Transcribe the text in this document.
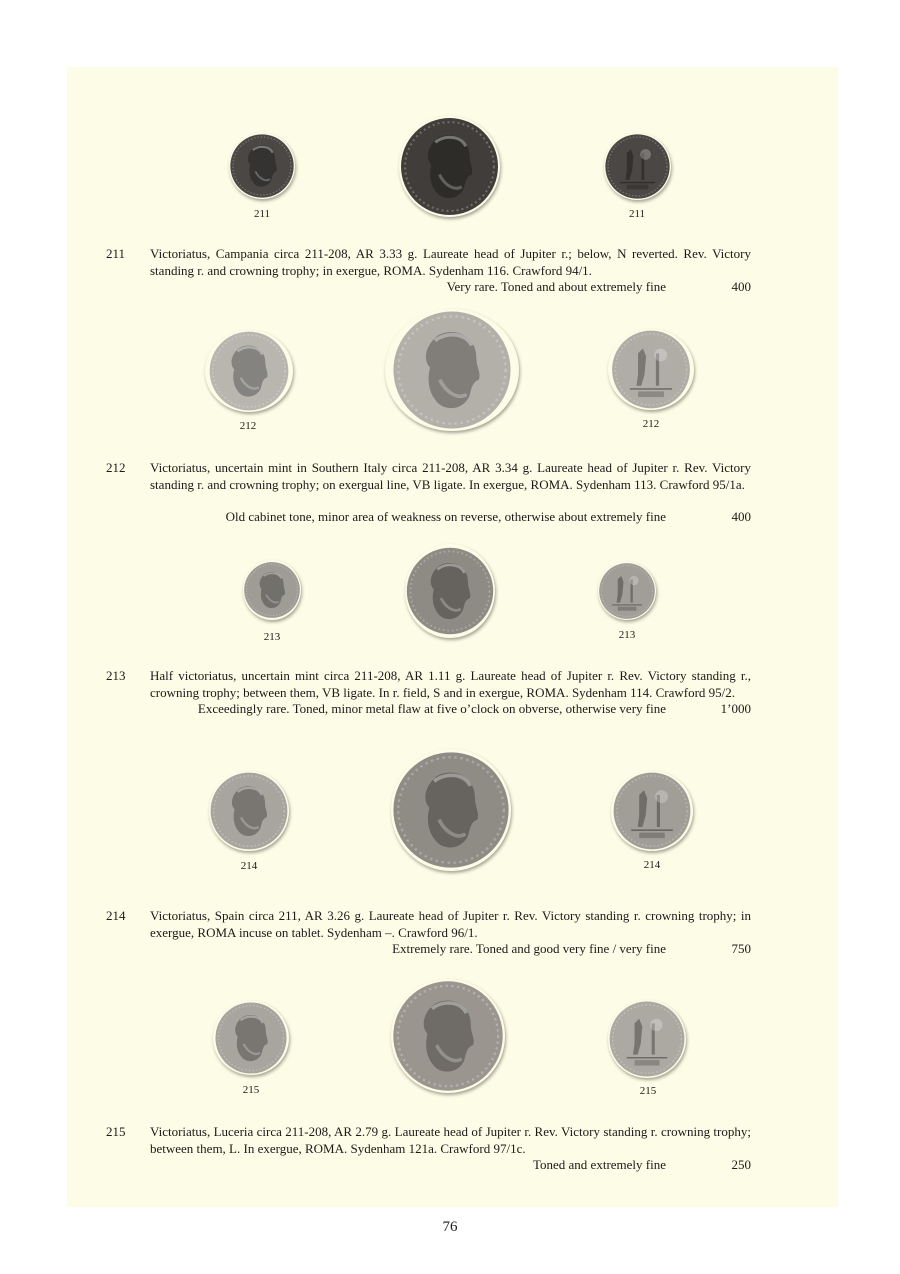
211	211
211 Victoriatus, Campania circa 211-208, AR 3.33 g. Laureate head of Jupiter r.; below, N reverted. Rev. Victory standing r. and crowning trophy; in exergue, ROMA. Sydenham 116. Crawford 94/1.

Very rare. Toned and about extremely fine	400
212	212
212 Victoriatus, uncertain mint in Southern Italy circa 211-208, AR 3.34 g. Laureate head of Jupiter r. Rev. Victory standing r. and crowning trophy; on exergual line, VB ligate. In exergue, ROMA. Sydenham 113. Crawford 95/1a.

Old cabinet tone, minor area of weakness on reverse, otherwise about extremely fine	400
213	213
213 Half victoriatus, uncertain mint circa 211-208, AR 1.11 g. Laureate head of Jupiter r. Rev. Victory standing r., crowning trophy; between them, VB ligate. In r. field, S and in exergue, ROMA. Sydenham 114. Crawford 95/2.

Exceedingly rare. Toned, minor metal flaw at five o’clock on obverse, otherwise very fine	1’000
214	214
214 Victoriatus, Spain circa 211, AR 3.26 g. Laureate head of Jupiter r. Rev. Victory standing r. crowning trophy; in exergue, ROMA incuse on tablet. Sydenham –. Crawford 96/1.

Extremely rare. Toned and good very fine / very fine	750
215	215
215 Victoriatus, Luceria circa 211-208, AR 2.79 g. Laureate head of Jupiter r. Rev. Victory standing r. crowning trophy; between them, L. In exergue, ROMA. Sydenham 121a. Crawford 97/1c.

Toned and extremely fine	250
76
